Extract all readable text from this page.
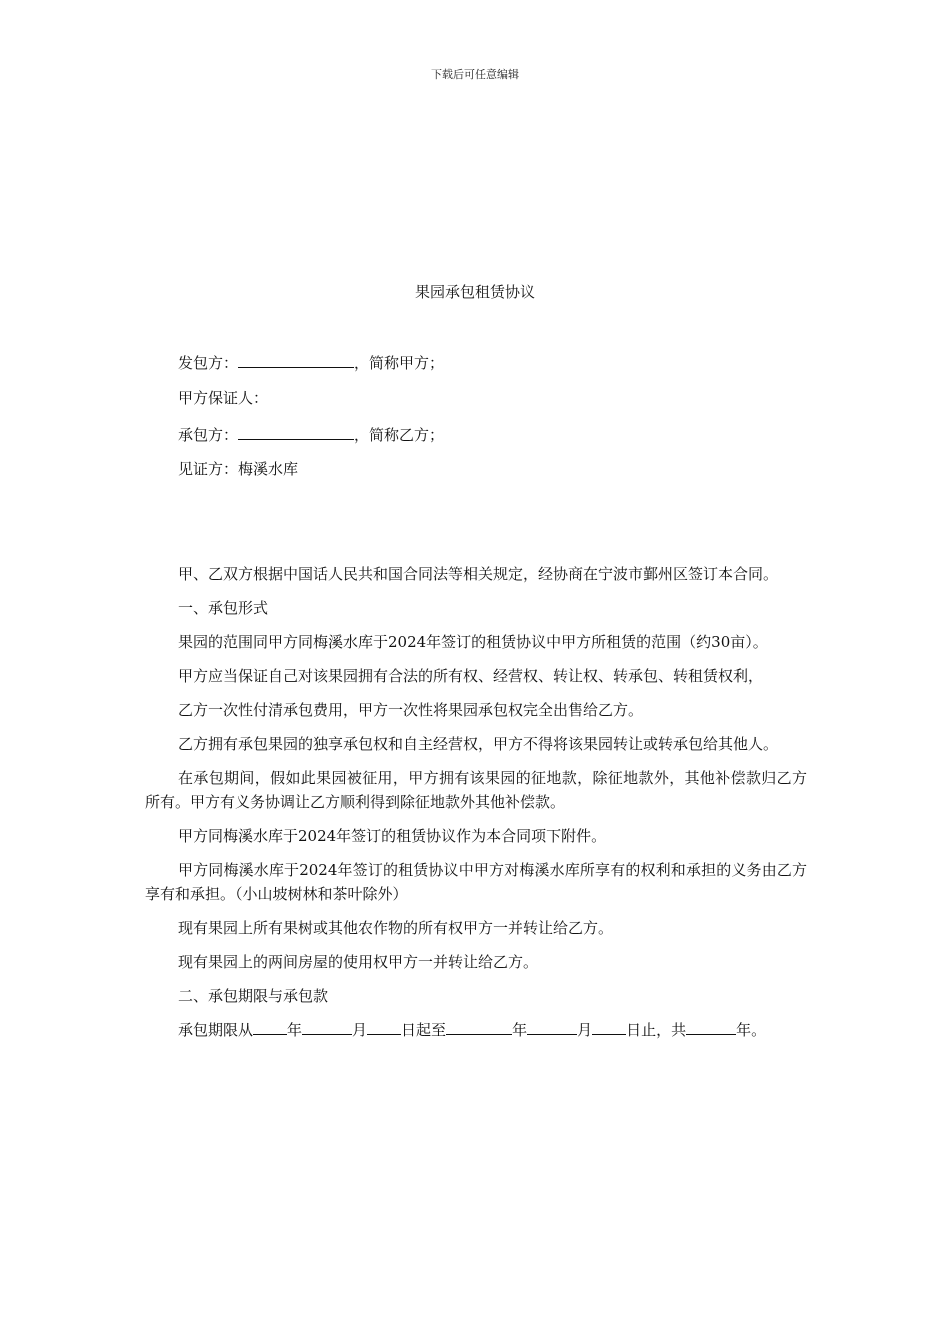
下载后可任意编辑
果园承包租赁协议
发包方：	，简称甲方；
甲方保证人：
承包方：	，简称乙方；
见证方：梅溪水库

甲、乙双方根据中国话人民共和国合同法等相关规定，经协商在宁波市鄞州区签订本合同。

一、承包形式

果园的范围同甲方同梅溪水库于2024年签订的租赁协议中甲方所租赁的范围（约30亩）。

甲方应当保证自己对该果园拥有合法的所有权、经营权、转让权、转承包、转租赁权利，

乙方一次性付清承包费用，甲方一次性将果园承包权完全出售给乙方。

乙方拥有承包果园的独享承包权和自主经营权，甲方不得将该果园转让或转承包给其他人。

在承包期间，假如此果园被征用，甲方拥有该果园的征地款，除征地款外，其他补偿款归乙方所有。甲方有义务协调让乙方顺利得到除征地款外其他补偿款。

甲方同梅溪水库于2024年签订的租赁协议作为本合同项下附件。

甲方同梅溪水库于2024年签订的租赁协议中甲方对梅溪水库所享有的权利和承担的义务由乙方享有和承担。（小山坡树林和茶叶除外）

现有果园上所有果树或其他农作物的所有权甲方一并转让给乙方。

现有果园上的两间房屋的使用权甲方一并转让给乙方。

二、承包期限与承包款

承包期限从 年	月 日起至	年	月 日止，共	年。
